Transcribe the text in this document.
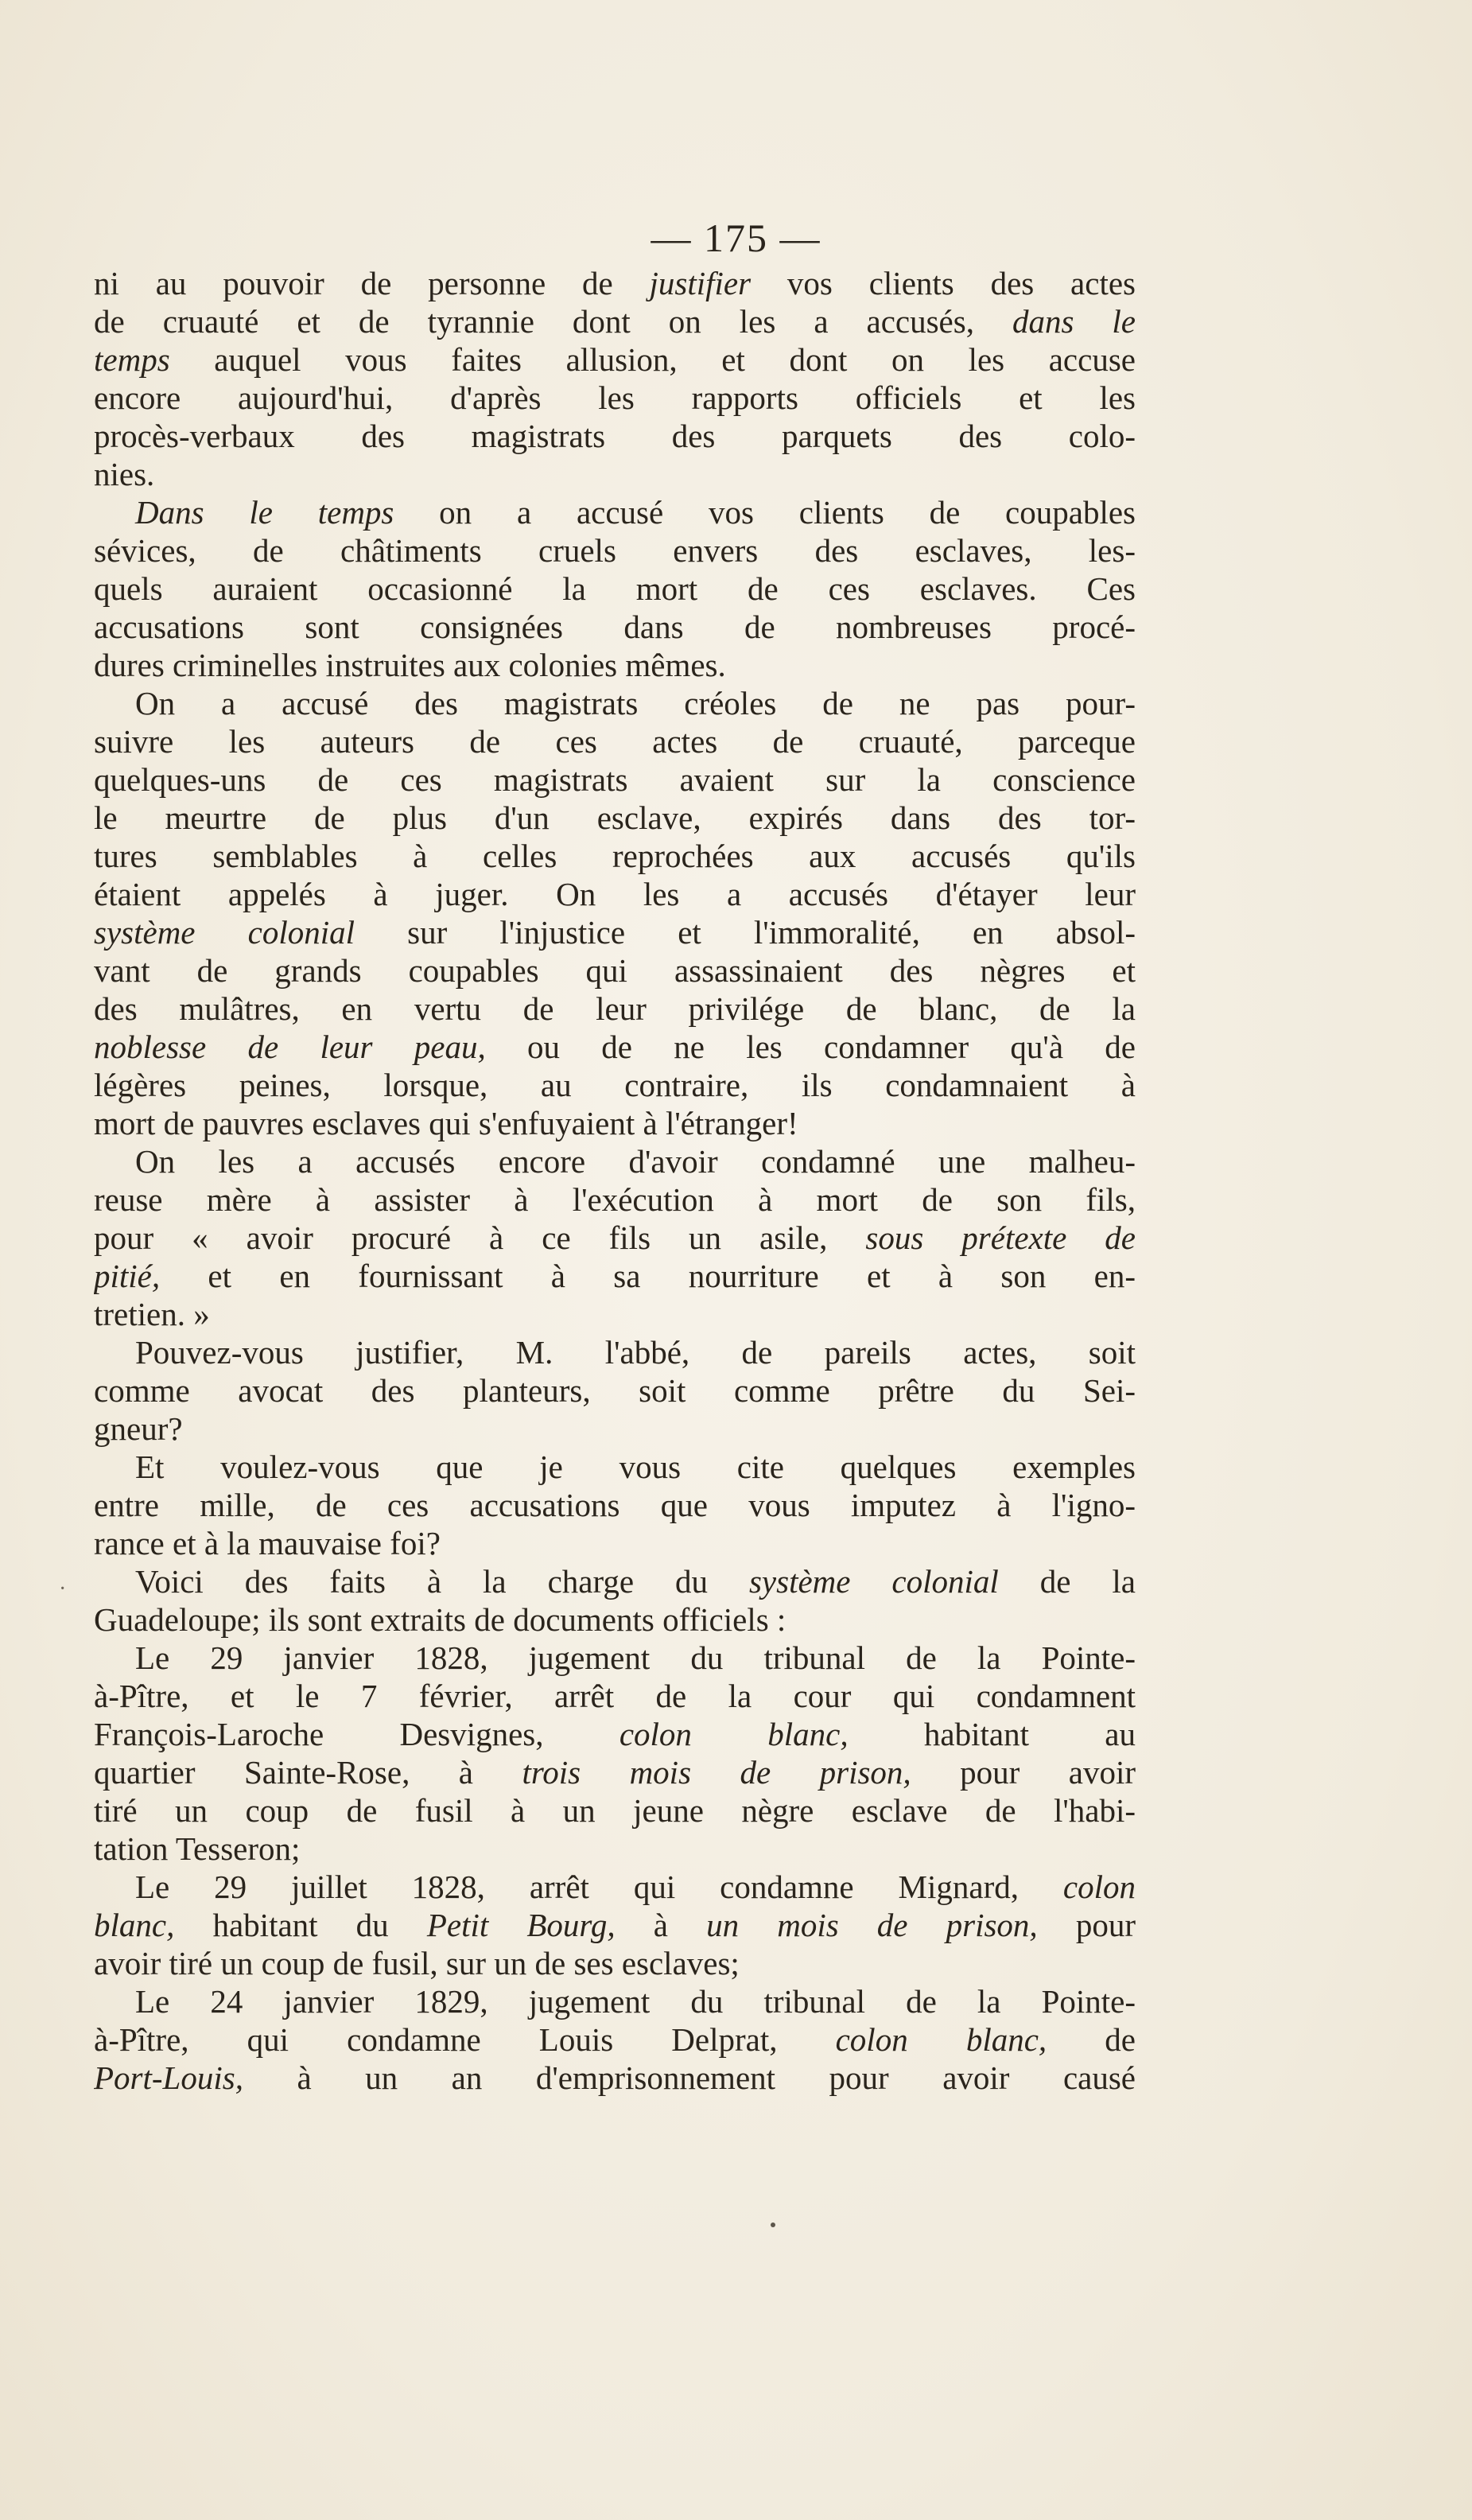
— 175 —
ni au pouvoir de personne de justifier vos clients des actes
de cruauté et de tyrannie dont on les a accusés, dans le
temps auquel vous faites allusion, et dont on les accuse
encore aujourd'hui, d'après les rapports officiels et les
procès-verbaux des magistrats des parquets des colo-
nies.
Dans le temps on a accusé vos clients de coupables
sévices, de châtiments cruels envers des esclaves, les-
quels auraient occasionné la mort de ces esclaves. Ces
accusations sont consignées dans de nombreuses procé-
dures criminelles instruites aux colonies mêmes.
On a accusé des magistrats créoles de ne pas pour-
suivre les auteurs de ces actes de cruauté, parceque
quelques-uns de ces magistrats avaient sur la conscience
le meurtre de plus d'un esclave, expirés dans des tor-
tures semblables à celles reprochées aux accusés qu'ils
étaient appelés à juger. On les a accusés d'étayer leur
système colonial sur l'injustice et l'immoralité, en absol-
vant de grands coupables qui assassinaient des nègres et
des mulâtres, en vertu de leur privilége de blanc, de la
noblesse de leur peau, ou de ne les condamner qu'à de
légères peines, lorsque, au contraire, ils condamnaient à
mort de pauvres esclaves qui s'enfuyaient à l'étranger!
On les a accusés encore d'avoir condamné une malheu-
reuse mère à assister à l'exécution à mort de son fils,
pour « avoir procuré à ce fils un asile, sous prétexte de
pitié, et en fournissant à sa nourriture et à son en-
tretien. »
Pouvez-vous justifier, M. l'abbé, de pareils actes, soit
comme avocat des planteurs, soit comme prêtre du Sei-
gneur?
Et voulez-vous que je vous cite quelques exemples
entre mille, de ces accusations que vous imputez à l'igno-
rance et à la mauvaise foi?
Voici des faits à la charge du système colonial de la
Guadeloupe; ils sont extraits de documents officiels :
Le 29 janvier 1828, jugement du tribunal de la Pointe-
à-Pître, et le 7 février, arrêt de la cour qui condamnent
François-Laroche Desvignes, colon blanc, habitant au
quartier Sainte-Rose, à trois mois de prison, pour avoir
tiré un coup de fusil à un jeune nègre esclave de l'habi-
tation Tesseron;
Le 29 juillet 1828, arrêt qui condamne Mignard, colon
blanc, habitant du Petit Bourg, à un mois de prison, pour
avoir tiré un coup de fusil, sur un de ses esclaves;
Le 24 janvier 1829, jugement du tribunal de la Pointe-
à-Pître, qui condamne Louis Delprat, colon blanc, de
Port-Louis, à un an d'emprisonnement pour avoir causé
·
